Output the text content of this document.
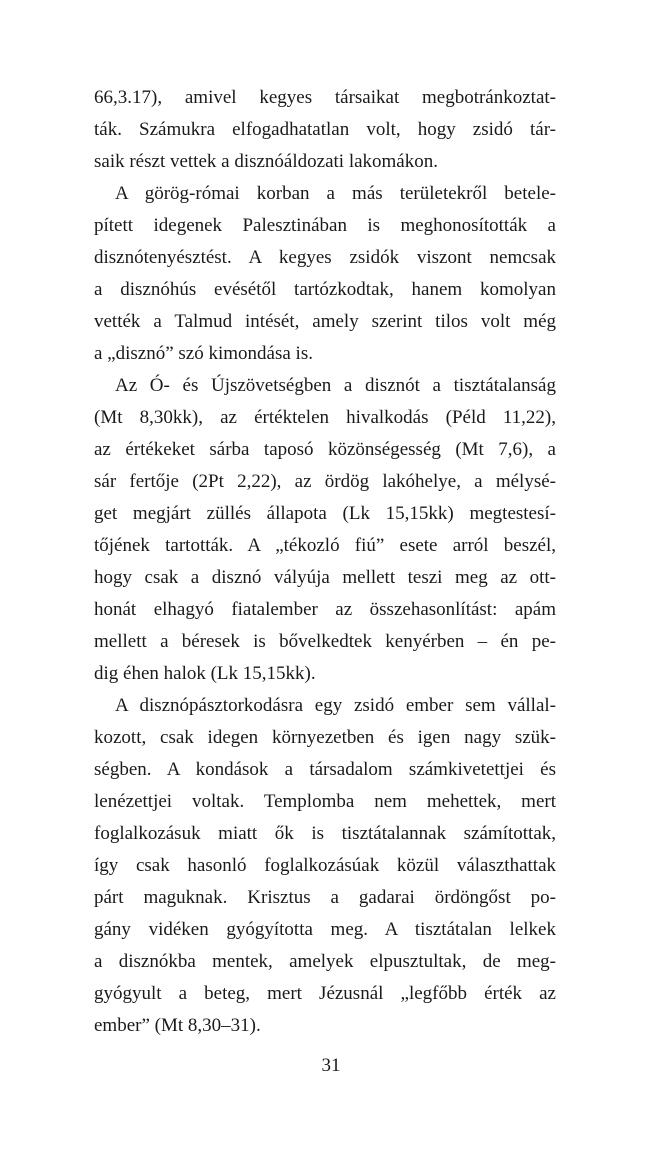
66,3.17), amivel kegyes társaikat megbotránkoztat-
ták. Számukra elfogadhatatlan volt, hogy zsidó tár-
saik részt vettek a disznóáldozati lakomákon.
A görög-római korban a más területekről betele-
pített idegenek Palesztinában is meghonosították a
disznótenyésztést. A kegyes zsidók viszont nemcsak
a disznóhús evésétől tartózkodtak, hanem komolyan
vették a Talmud intését, amely szerint tilos volt még
a „disznó” szó kimondása is.
Az Ó- és Újszövetségben a disznót a tisztátalanság
(Mt 8,30kk), az értéktelen hivalkodás (Péld 11,22),
az értékeket sárba taposó közönségesség (Mt 7,6), a
sár fertője (2Pt 2,22), az ördög lakóhelye, a mélysé-
get megjárt züllés állapota (Lk 15,15kk) megtestesí-
tőjének tartották. A „tékozló fiú” esete arról beszél,
hogy csak a disznó vályúja mellett teszi meg az ott-
honát elhagyó fiatalember az összehasonlítást: apám
mellett a béresek is bővelkedtek kenyérben – én pe-
dig éhen halok (Lk 15,15kk).
A disznópásztorkodásra egy zsidó ember sem vállal-
kozott, csak idegen környezetben és igen nagy szük-
ségben. A kondások a társadalom számkivetettjei és
lenézettjei voltak. Templomba nem mehettek, mert
foglalkozásuk miatt ők is tisztátalannak számítottak,
így csak hasonló foglalkozásúak közül választhattak
párt maguknak. Krisztus a gadarai ördöngőst po-
gány vidéken gyógyította meg. A tisztátalan lelkek
a disznókba mentek, amelyek elpusztultak, de meg-
gyógyult a beteg, mert Jézusnál „legfőbb érték az
ember” (Mt 8,30–31).
31
